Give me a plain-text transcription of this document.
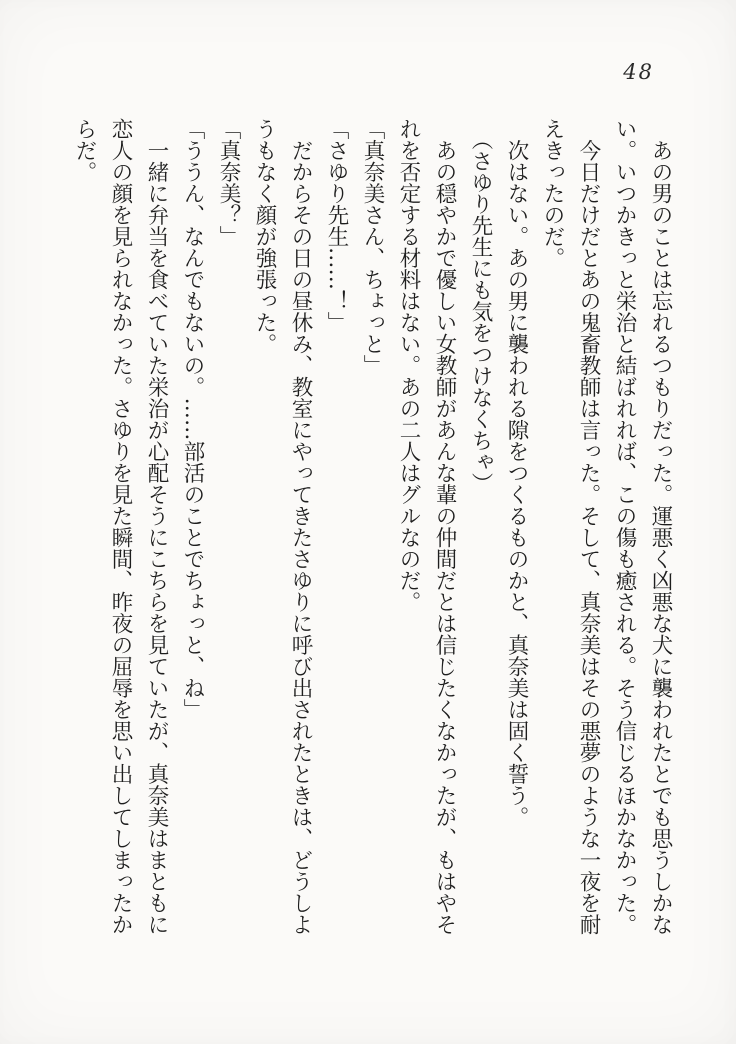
48
　あの男のことは忘れるつもりだった。運悪く凶悪な犬に襲われたとでも思うしかな
い。いつかきっと栄治と結ばれれば、この傷も癒される。そう信じるほかなかった。
　今日だけだとあの鬼畜教師は言った。そして、真奈美はその悪夢のような一夜を耐
えきったのだ。
　次はない。あの男に襲われる隙をつくるものかと、真奈美は固く誓う。
　（さゆり先生にも気をつけなくちゃ）
　あの穏やかで優しい女教師があんな輩の仲間だとは信じたくなかったが、もはやそ
れを否定する材料はない。あの二人はグルなのだ。
「真奈美さん、ちょっと」
「さゆり先生……！」
　だからその日の昼休み、教室にやってきたさゆりに呼び出されたときは、どうしよ
うもなく顔が強張った。
「真奈美？」
「ううん、なんでもないの。……部活のことでちょっと、ね」
　一緒に弁当を食べていた栄治が心配そうにこちらを見ていたが、真奈美はまともに
恋人の顔を見られなかった。さゆりを見た瞬間、昨夜の屈辱を思い出してしまったか
らだ。
